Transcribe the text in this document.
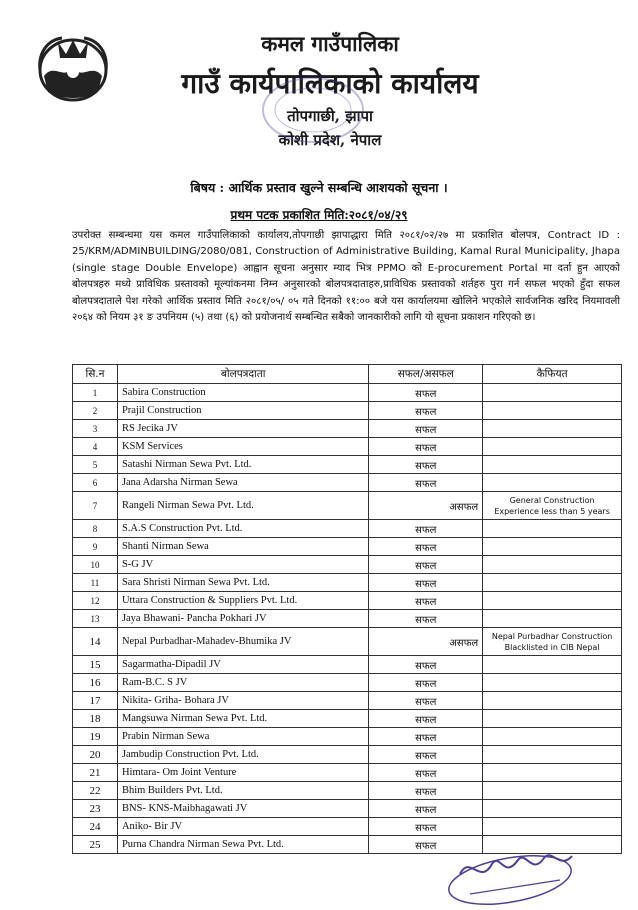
कमल गाउँपालिका
गाउँ कार्यपालिकाको कार्यालय
तोपगाछी, झापा
कोशी प्रदेश, नेपाल
बिषय : आर्थिक प्रस्ताव खुल्ने सम्बन्धि आशयको सूचना ।
प्रथम पटक प्रकाशित मिति:२०८१/०४/२९
उपरोक्त सम्बन्धमा यस कमल गाउँपालिकाको कार्यालय,तोपगाछी झापाद्धारा मिति २०८१/०२/२७ मा प्रकाशित बोलपत्र, Contract ID : 25/KRM/ADMINBUILDING/2080/081, Construction of Administrative Building, Kamal Rural Municipality, Jhapa (single stage Double Envelope) आह्वान सूचना अनुसार म्याद भित्र PPMO को E-procurement Portal मा दर्ता हुन आएको बोलपत्रहरु मध्ये प्राविधिक प्रस्तावको मूल्यांकनमा निम्न अनुसारको बोलपत्रदाताहरु,प्राविधिक प्रस्तावको शर्तहरु पुरा गर्न सफल भएको हुँदा सफल बोलपत्रदाताले पेश गरेको आर्थिक प्रस्ताव मिति २०८१/०५/ ०५ गते दिनको ११:०० बजे यस कार्यालयमा खोलिने भएकोले सार्वजनिक खरिद नियमावली २०६४ को नियम ३१ ङ उपनियम (५) तथा (६) को प्रयोजनार्थ सम्बन्धित सबैको जानकारीको लागि यो सूचना प्रकाशन गरिएको छ।
सि.न	बोलपत्रदाता	सफल/असफल	कैफियत
1	Sabira Construction	सफल	
2	Prajil Construction	सफल	
3	RS Jecika JV	सफल	
4	KSM Services	सफल	
5	Satashi Nirman Sewa Pvt. Ltd.	सफल	
6	Jana Adarsha Nirman Sewa	सफल	
7	Rangeli Nirman Sewa Pvt. Ltd.	असफल	General Construction Experience less than 5 years
8	S.A.S Construction Pvt. Ltd.	सफल	
9	Shanti Nirman Sewa	सफल	
10	S-G JV	सफल	
11	Sara Shristi Nirman Sewa Pvt. Ltd.	सफल	
12	Uttara Construction & Suppliers Pvt. Ltd.	सफल	
13	Jaya Bhawani- Pancha Pokhari JV	सफल	
14	Nepal Purbadhar-Mahadev-Bhumika JV	असफल	Nepal Purbadhar Construction Blacklisted in CIB Nepal
15	Sagarmatha-Dipadil JV	सफल	
16	Ram-B.C. S JV	सफल	
17	Nikita- Griha- Bohara JV	सफल	
18	Mangsuwa Nirman Sewa Pvt. Ltd.	सफल	
19	Prabin Nirman Sewa	सफल	
20	Jambudip Construction Pvt. Ltd.	सफल	
21	Himtara- Om Joint Venture	सफल	
22	Bhim Builders Pvt. Ltd.	सफल	
23	BNS- KNS-Maibhagawati JV	सफल	
24	Aniko- Bir JV	सफल	
25	Purna Chandra Nirman Sewa Pvt. Ltd.	सफल	
